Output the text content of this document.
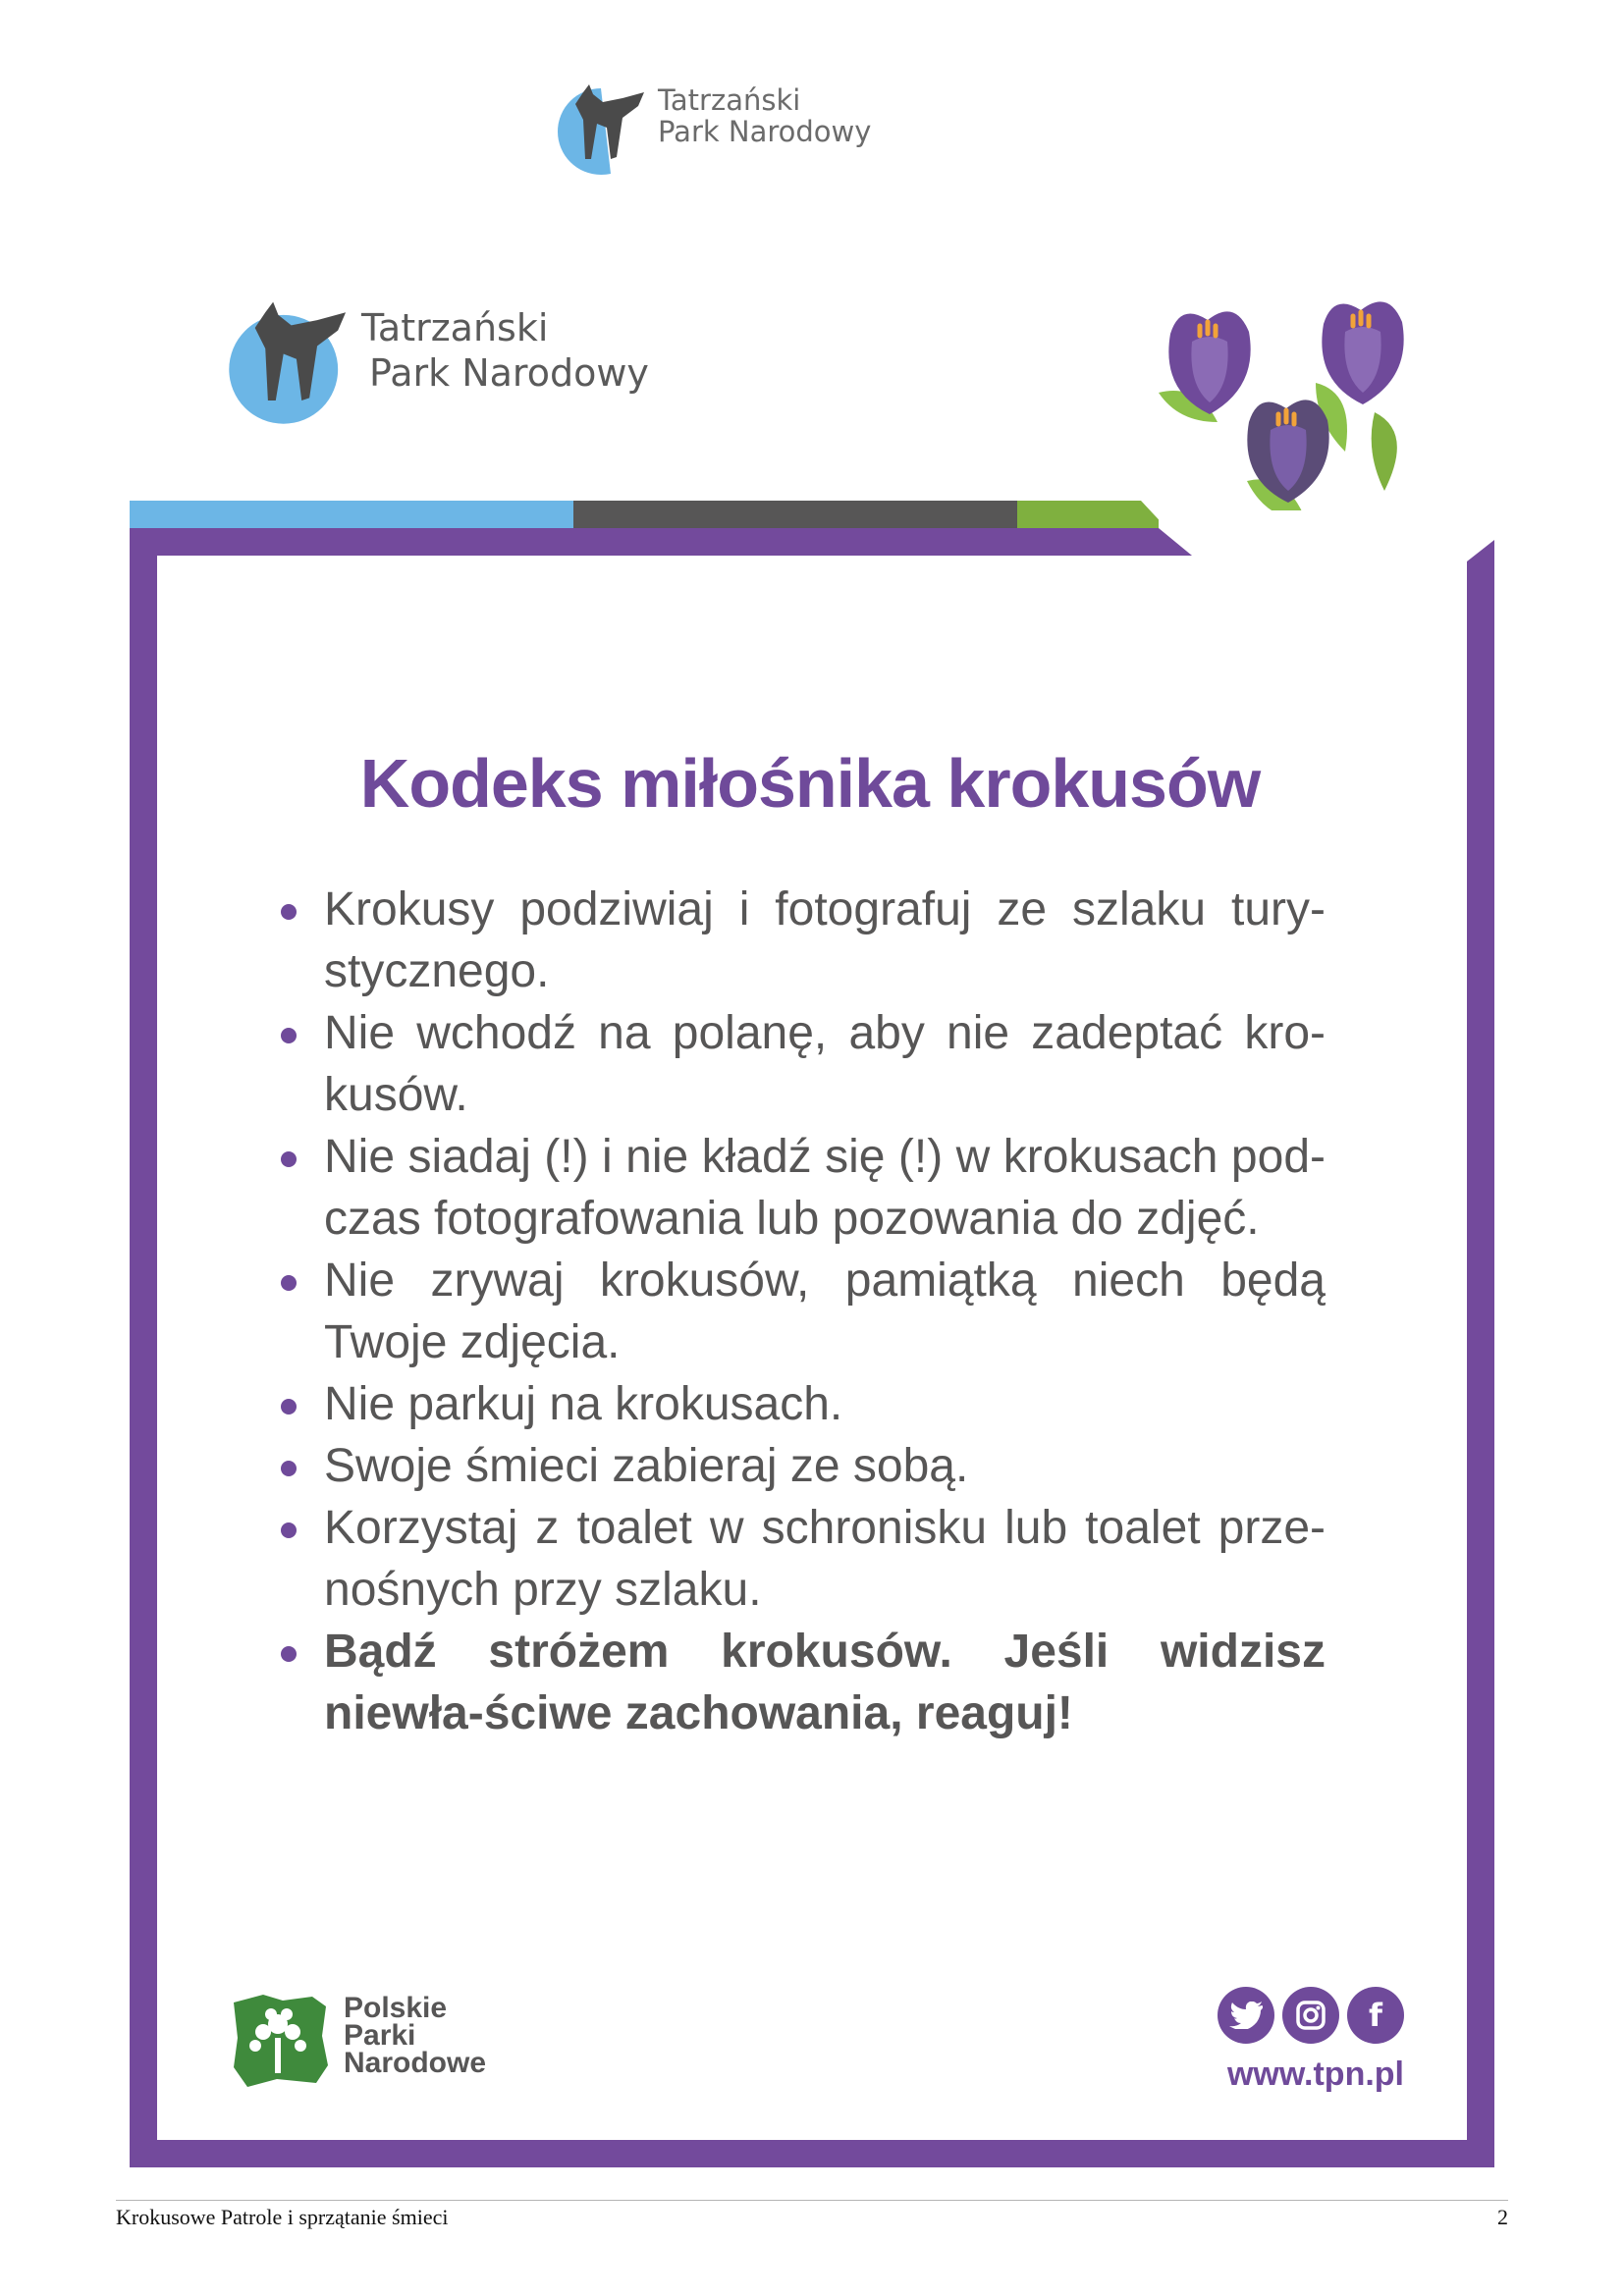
Tatrzański
Park Narodowy
Tatrzański
Park Narodowy
Kodeks miłośnika krokusów
Krokusy podziwiaj i fotografuj ze szlaku tury-stycznego.
Nie wchodź na polanę, aby nie zadeptać kro-kusów.
Nie siadaj (!) i nie kładź się (!) w krokusach pod-czas fotografowania lub pozowania do zdjęć.
Nie zrywaj krokusów, pamiątką niech będą Twoje zdjęcia.
Nie parkuj na krokusach.
Swoje śmieci zabieraj ze sobą.
Korzystaj z toalet w schronisku lub toalet prze-nośnych przy szlaku.
Bądź stróżem krokusów. Jeśli widzisz niewła-ściwe zachowania, reaguj!
Polskie
Parki
Narodowe
f
www.tpn.pl
Krokusowe Patrole i sprzątanie śmieci	2
